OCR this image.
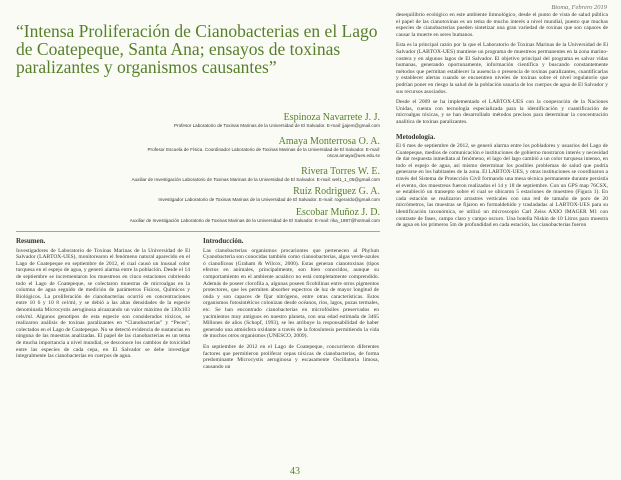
Bioma, Febrero 2019
“Intensa Proliferación de Cianobacterias en el Lago de Coatepeque, Santa Ana; ensayos de toxinas paralizantes y organismos causantes”
Espinoza Navarrete J. J.
Profesor Laboratorio de Toxinas Marinas de la Universidad de El Salvador. E-mail: jjajem@gmail.com
Amaya Monterrosa O. A.
Profesor Escuela de Física. Coordinador Laboratorio de Toxinas Marinas de la Universidad de El Salvador. E-mail: oscar.amaya@ues.edu.sv
Rivera Torres W. E.
Auxiliar de Investigación Laboratorio de Toxinas Marinas de la Universidad de El Salvador. E-mail: wel1_1_05@gmail.com
Ruíz Rodriguez G. A.
Investigador Laboratorio de Toxinas Marinas de la Universidad de El Salvador. E-mail: rogerardo@gmail.com
Escobar Muñoz J. D.
Auxiliar de Investigación Laboratorio de Toxinas Marinas de la Universidad de El Salvador. E-mail: rika_1987@hotmail.com
Resumen.

Investigadores de Laboratorio de Toxinas Marinas de la Universidad de El Salvador (LABTOX-UES), monitorearon el fenómeno natural aparecido en el Lago de Coatepeque en septiembre de 2012, el cual causó un inusual color turquesa en el espejo de agua, y generó alarma entre la población. Desde el 14 de septiembre se incrementaron los muestreos en cinco estaciones cubriendo todo el Lago de Coatepeque, se colectaron muestras de microalgas en la columna de agua seguido de medición de parámetros Físicos, Químicos y Biológicos. La proliferación de cianobacterias ocurrió en concentraciones entre 10 6 y 10 8 cel/ml, y se debió a las altas densidades de la especie denominada Microcystis aeruginosa alcanzando un valor máximo de 130x103 cels/ml. Algunos genotipos de esta especie son considerados tóxicos, se realizaron análisis de toxinas paralizantes en “Cianobacterias” y “Peces”, colectados en el Lago de Coatepeque. No se detectó evidencia de sustancias en ninguna de las muestras analizadas. El papel de las cianobacterias es un tema de mucha importancia a nivel mundial, se desconoce los cambios de toxicidad entre las especies de cada cepa, en El Salvador se debe investigar integralmente las cianobacterias en cuerpos de agua.

Introducción.

Las cianobacterias organismos procariontes que pertenecen al Phylum Cyanobacteria son conocidas también como cianoobacterias, algas verde-azules ó cianofíceas (Graham & Wilcox, 2000). Estas generan cianotoxinas (tipos efectos en animales, principalmente, son bien conocidos, aunque su comportamiento en el ambiente acuático no está completamente comprendido. Además de poseer clorofila a, algunas poseen ficobilinas entre otros pigmentos protectores, que les permiten absorber espectros de luz de mayor longitud de onda y son capaces de fijar nitrógeno, entre otras características. Estos organismos fotosintéticos colonizan desde océanos, ríos, lagos, pozas termales, etc. Se han encontrado cianobacterias en microfósiles preservados en yacimientos muy antiguos en nuestro planeta, con una edad estimada de 3465 Millones de años (Schopf, 1993), se les atribuye la responsabilidad de haber generado una atmósfera oxidante a través de la fotosíntesis permitiendo la vida de muchos otros organismos (UNESCO, 2009).

En septiembre de 2012 en el Lago de Coatepeque, concurrieron diferentes factores que permitieron proliferar cepas tóxicas de cianobacterias, de forma predominante Microcystis aeruginosa y escasamente Oscillatoria limosa, causando un

desequilibrio ecológico en este ambiente limnológico, desde el punto de vista de salud pública el papel de las cianotoxinas es un tema de mucho interés a nivel mundial, puesto que muchas especies de cianobacterias pueden sintetizar una gran variedad de toxinas que son capaces de causar la muerte en seres humanos.

Esta es la principal razón por la que el Laboratorio de Toxinas Marinas de la Universidad de El Salvador (LABTOX-UES) mantiene un programa de muestreos permanentes en la zona marino-costera y en algunos lagos de El Salvador. El objetivo principal del programa es salvar vidas humanas, generando oportunamente, información científica y buscando constantemente métodos que permitan establecer la ausencia o presencia de toxinas paralizantes, cuantificarlas y establecer alertas cuando se encuentren niveles de toxinas sobre el nivel regulatorio que podrían poner en riesgo la salud de la población usuaria de los cuerpos de agua de El Salvador y sus recursos asociados.

Desde el 2009 se ha implementado el LABTOX-UES con la cooperación de la Naciones Unidas, cuenta con tecnología especializada para la identificación y cuantificación de microalgas tóxicas, y se han desarrollado métodos precisos para determinar la concentración analítica de toxinas paralizantes.

Metodología.

El 6 mes de septiembre de 2012, se generó alarma entre los pobladores y usuarios del Lago de Coatepeque, medios de comunicación e instituciones de gobierno mostraron interés y necesidad de dar respuesta inmediata al fenómeno, el lago del lago cambió a un color turquesa intenso, en todo el espejo de agua, así mismo determinar los posibles problemas de salud que podría generarse en los habitantes de la zona. El LABTOX-UES, y otras instituciones se coordinaron a través del Sistema de Protección Civil formando una mesa técnica permanente durante persistía el evento, dos muestreos fueron realizados el 14 y 18 de septiembre. Con un GPS map 76CSX, se estableció un transepto sobre el cual se ubicaron 5 estaciones de muestreo (Figura 1). En cada estación se realizaron arrastres verticales con una red de tamaño de poro de 20 micrómetros, las muestras se fijaron en formaldehído y trasladadas al LABTOX-UES para su identificación taxonómica, se utilizó un microscopio Carl Zeiss AXIO IMAGER M1 con contraste de fases, campo claro y campo oscuro. Una botella Niskin de 10 Litros para muestra de agua en los primeros 5m de profundidad en cada estación, las cianobacterias fueron

43
